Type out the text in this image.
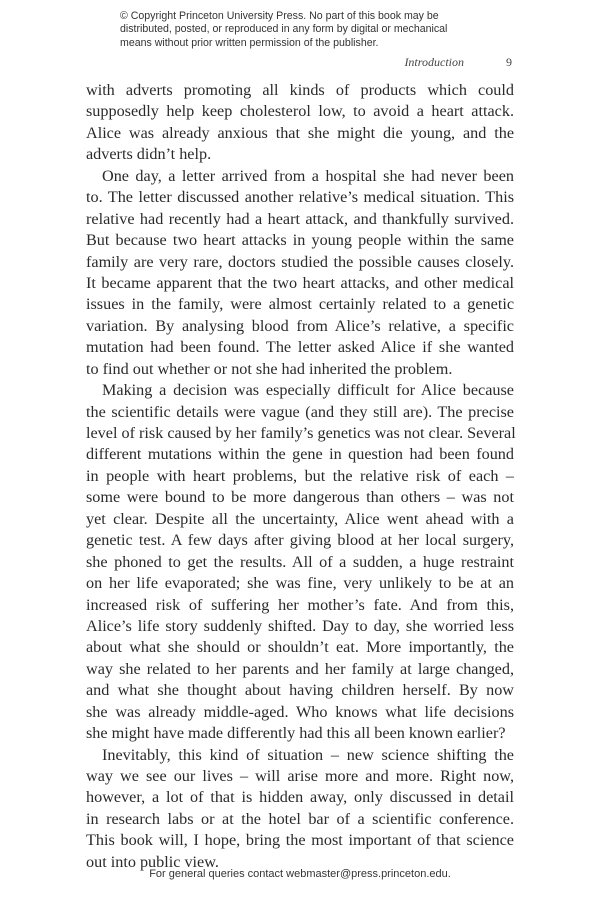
© Copyright Princeton University Press. No part of this book may be distributed, posted, or reproduced in any form by digital or mechanical means without prior written permission of the publisher.
Introduction	9
with adverts promoting all kinds of products which could
supposedly help keep cholesterol low, to avoid a heart attack.
Alice was already anxious that she might die young, and the
adverts didn’t help.
One day, a letter arrived from a hospital she had never been
to. The letter discussed another relative’s medical situation. This
relative had recently had a heart attack, and thankfully survived.
But because two heart attacks in young people within the same
family are very rare, doctors studied the possible causes closely.
It became apparent that the two heart attacks, and other medical
issues in the family, were almost certainly related to a genetic
variation. By analysing blood from Alice’s relative, a specific
mutation had been found. The letter asked Alice if she wanted
to find out whether or not she had inherited the problem.
Making a decision was especially difficult for Alice because
the scientific details were vague (and they still are). The precise
level of risk caused by her family’s genetics was not clear. Several
different mutations within the gene in question had been found
in people with heart problems, but the relative risk of each –
some were bound to be more dangerous than others – was not
yet clear. Despite all the uncertainty, Alice went ahead with a
genetic test. A few days after giving blood at her local surgery,
she phoned to get the results. All of a sudden, a huge restraint
on her life evaporated; she was fine, very unlikely to be at an
increased risk of suffering her mother’s fate. And from this,
Alice’s life story suddenly shifted. Day to day, she worried less
about what she should or shouldn’t eat. More importantly, the
way she related to her parents and her family at large changed,
and what she thought about having children herself. By now
she was already middle-aged. Who knows what life decisions
she might have made differently had this all been known earlier?
Inevitably, this kind of situation – new science shifting the
way we see our lives – will arise more and more. Right now,
however, a lot of that is hidden away, only discussed in detail
in research labs or at the hotel bar of a scientific conference.
This book will, I hope, bring the most important of that science
out into public view.
For general queries contact webmaster@press.princeton.edu.
